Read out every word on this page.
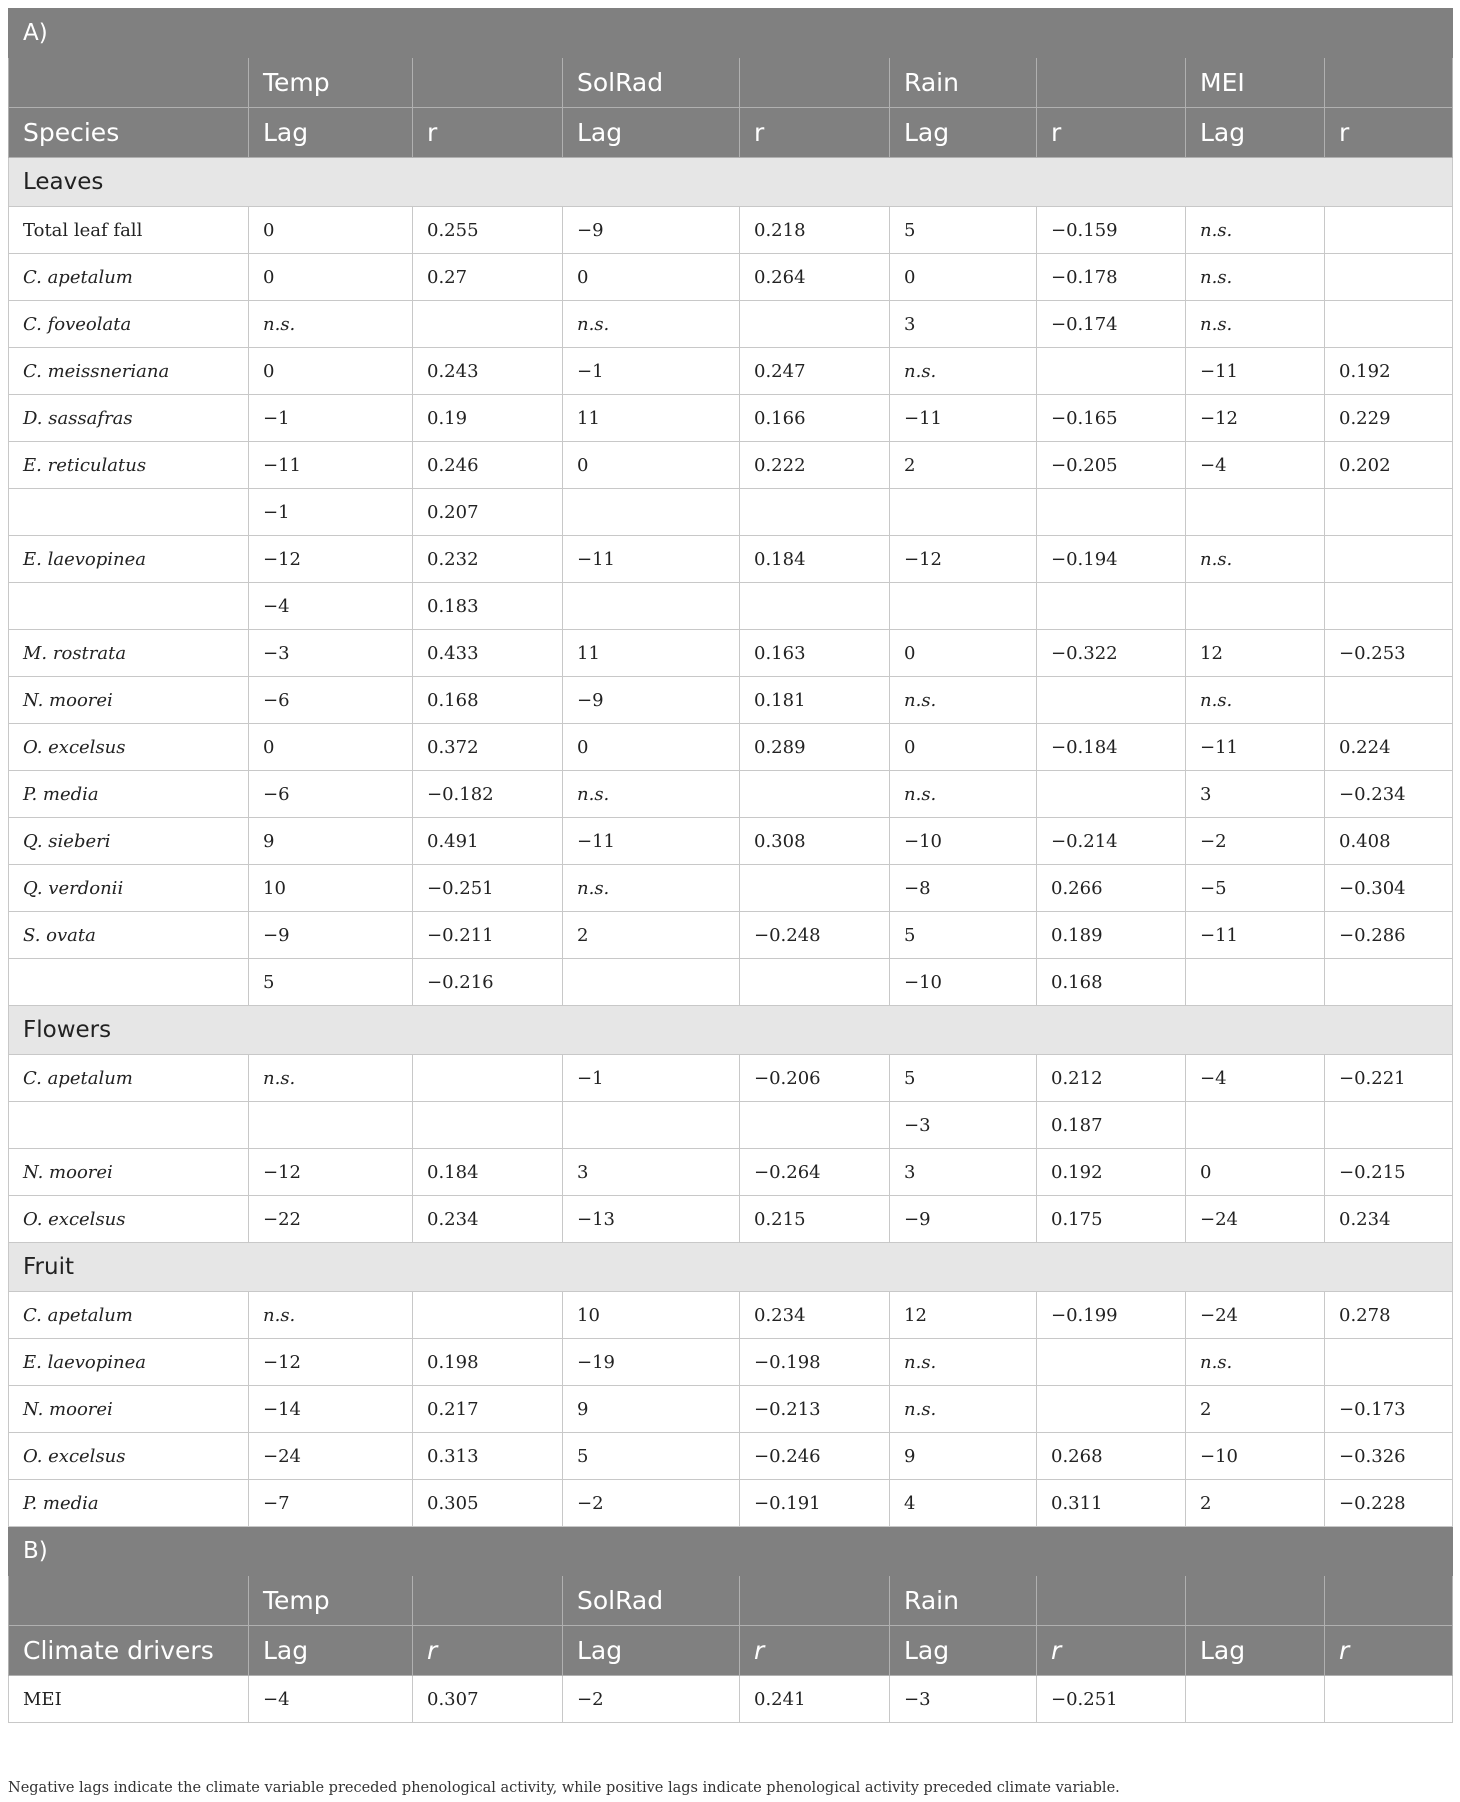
A)								
	Temp		SolRad		Rain		MEI	
Species	Lag	r	Lag	r	Lag	r	Lag	r
Leaves								
Total leaf fall	0	0.255	−9	0.218	5	−0.159	n.s.	
C. apetalum	0	0.27	0	0.264	0	−0.178	n.s.	
C. foveolata	n.s.		n.s.		3	−0.174	n.s.	
C. meissneriana	0	0.243	−1	0.247	n.s.		−11	0.192
D. sassafras	−1	0.19	11	0.166	−11	−0.165	−12	0.229
E. reticulatus	−11	0.246	0	0.222	2	−0.205	−4	0.202
	−1	0.207						
E. laevopinea	−12	0.232	−11	0.184	−12	−0.194	n.s.	
	−4	0.183						
M. rostrata	−3	0.433	11	0.163	0	−0.322	12	−0.253
N. moorei	−6	0.168	−9	0.181	n.s.		n.s.	
O. excelsus	0	0.372	0	0.289	0	−0.184	−11	0.224
P. media	−6	−0.182	n.s.		n.s.		3	−0.234
Q. sieberi	9	0.491	−11	0.308	−10	−0.214	−2	0.408
Q. verdonii	10	−0.251	n.s.		−8	0.266	−5	−0.304
S. ovata	−9	−0.211	2	−0.248	5	0.189	−11	−0.286
	5	−0.216			−10	0.168		
Flowers								
C. apetalum	n.s.		−1	−0.206	5	0.212	−4	−0.221
					−3	0.187		
N. moorei	−12	0.184	3	−0.264	3	0.192	0	−0.215
O. excelsus	−22	0.234	−13	0.215	−9	0.175	−24	0.234
Fruit								
C. apetalum	n.s.		10	0.234	12	−0.199	−24	0.278
E. laevopinea	−12	0.198	−19	−0.198	n.s.		n.s.	
N. moorei	−14	0.217	9	−0.213	n.s.		2	−0.173
O. excelsus	−24	0.313	5	−0.246	9	0.268	−10	−0.326
P. media	−7	0.305	−2	−0.191	4	0.311	2	−0.228
B)								
	Temp		SolRad		Rain			
Climate drivers	Lag	r	Lag	r	Lag	r	Lag	r
MEI	−4	0.307	−2	0.241	−3	−0.251		
Negative lags indicate the climate variable preceded phenological activity, while positive lags indicate phenological activity preceded climate variable.
